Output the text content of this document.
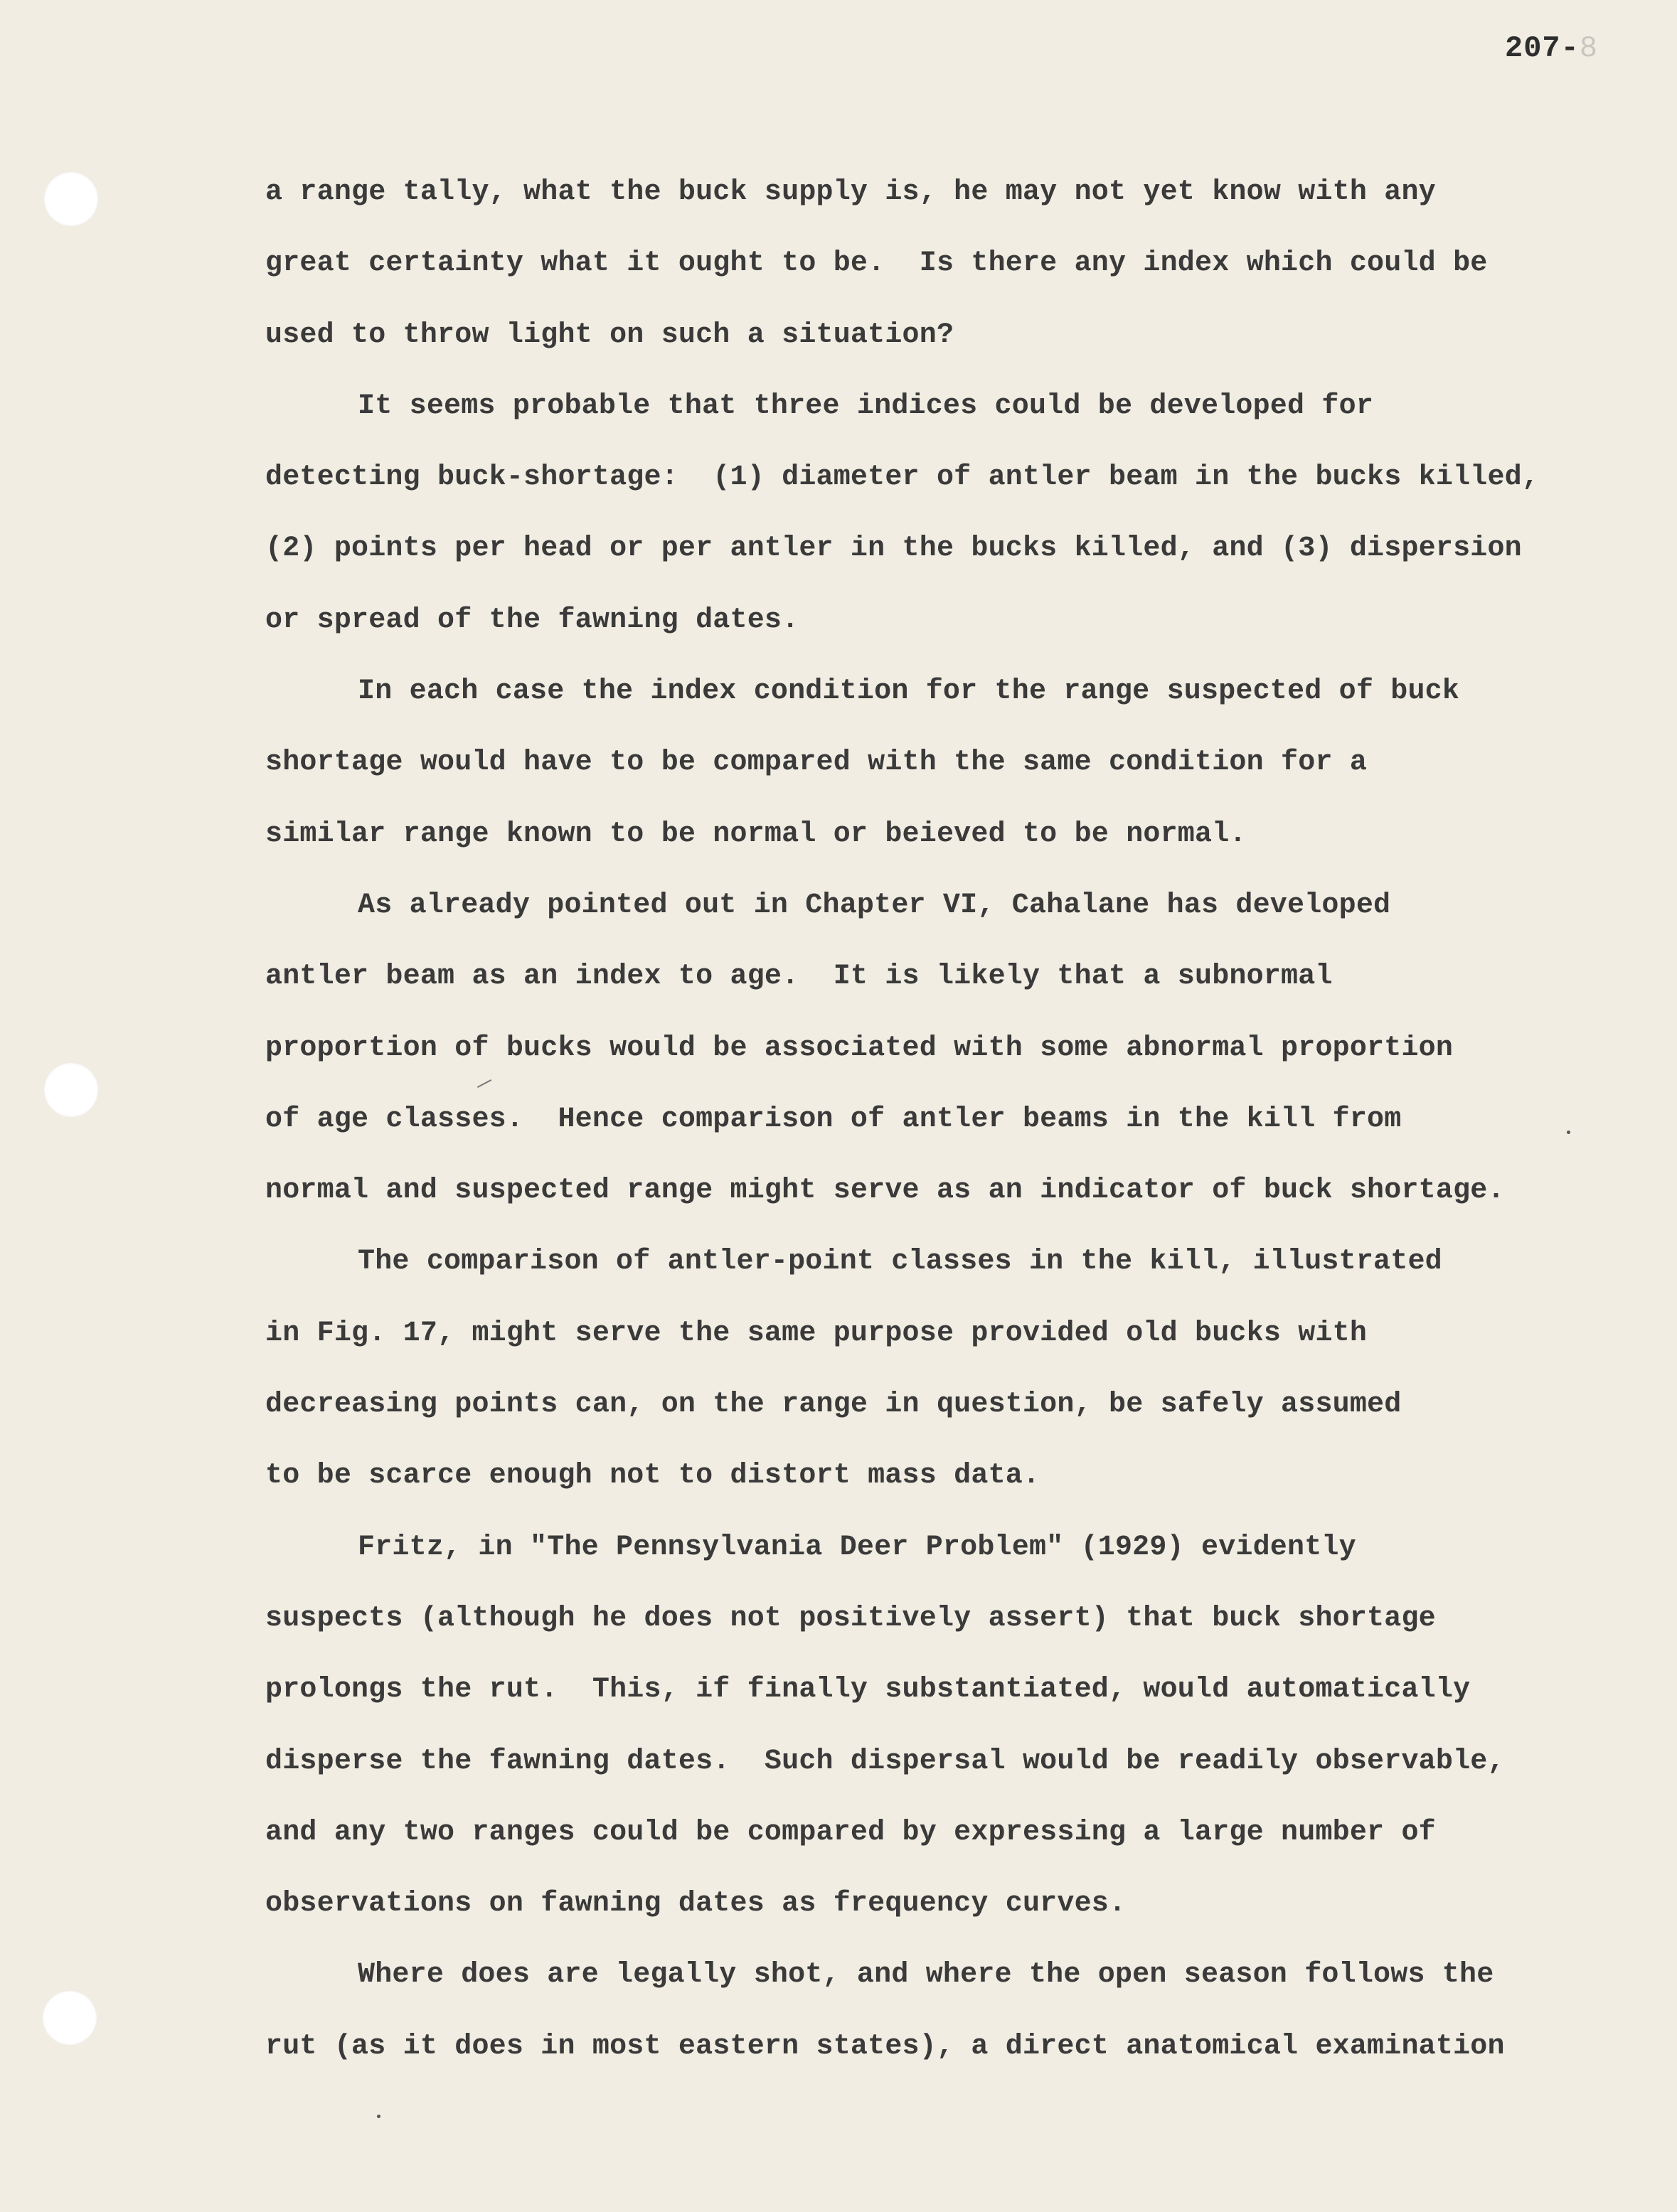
207-8
a range tally, what the buck supply is, he may not yet know with any
great certainty what it ought to be.  Is there any index which could be
used to throw light on such a situation?
It seems probable that three indices could be developed for
detecting buck-shortage:  (1) diameter of antler beam in the bucks killed,
(2) points per head or per antler in the bucks killed, and (3) dispersion
or spread of the fawning dates.
In each case the index condition for the range suspected of buck
shortage would have to be compared with the same condition for a
similar range known to be normal or beieved to be normal.
As already pointed out in Chapter VI, Cahalane has developed
antler beam as an index to age.  It is likely that a subnormal
proportion of bucks would be associated with some abnormal proportion
of age classes.  Hence comparison of antler beams in the kill from
normal and suspected range might serve as an indicator of buck shortage.
The comparison of antler-point classes in the kill, illustrated
in Fig. 17, might serve the same purpose provided old bucks with
decreasing points can, on the range in question, be safely assumed
to be scarce enough not to distort mass data.
Fritz, in "The Pennsylvania Deer Problem" (1929) evidently
suspects (although he does not positively assert) that buck shortage
prolongs the rut.  This, if finally substantiated, would automatically
disperse the fawning dates.  Such dispersal would be readily observable,
and any two ranges could be compared by expressing a large number of
observations on fawning dates as frequency curves.
Where does are legally shot, and where the open season follows the
rut (as it does in most eastern states), a direct anatomical examination
